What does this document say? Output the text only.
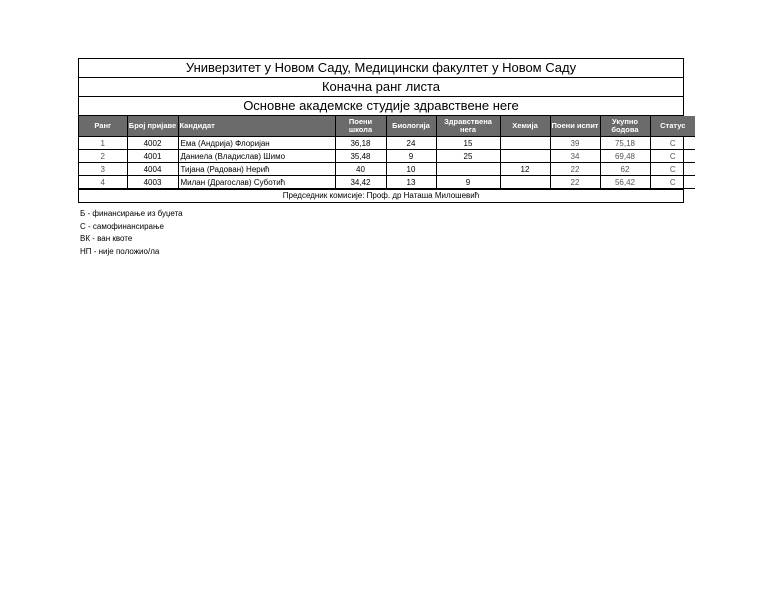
Универзитет у Новом Саду, Медицински факултет у Новом Саду
Коначна ранг листа
Основне академске студије здравствене неге
Ранг	Број пријаве	Кандидат	Поени школа	Биологија	Здравствена нега	Хемија	Поени испит	Укупно бодова	Статус
1	4002	Ема (Андрија) Флоријан	36,18	24	15		39	75,18	С
2	4001	Даниела (Владислав) Шимо	35,48	9	25		34	69,48	С
3	4004	Тијана (Радован) Нерић	40	10		12	22	62	С
4	4003	Милан (Драгослав) Суботић	34,42	13	9		22	56,42	С
Председник комисије: Проф. др Наташа Милошевић
Б - финансирање из буџета
С - самофинансирање
ВК - ван квоте
НП - није положио/ла
